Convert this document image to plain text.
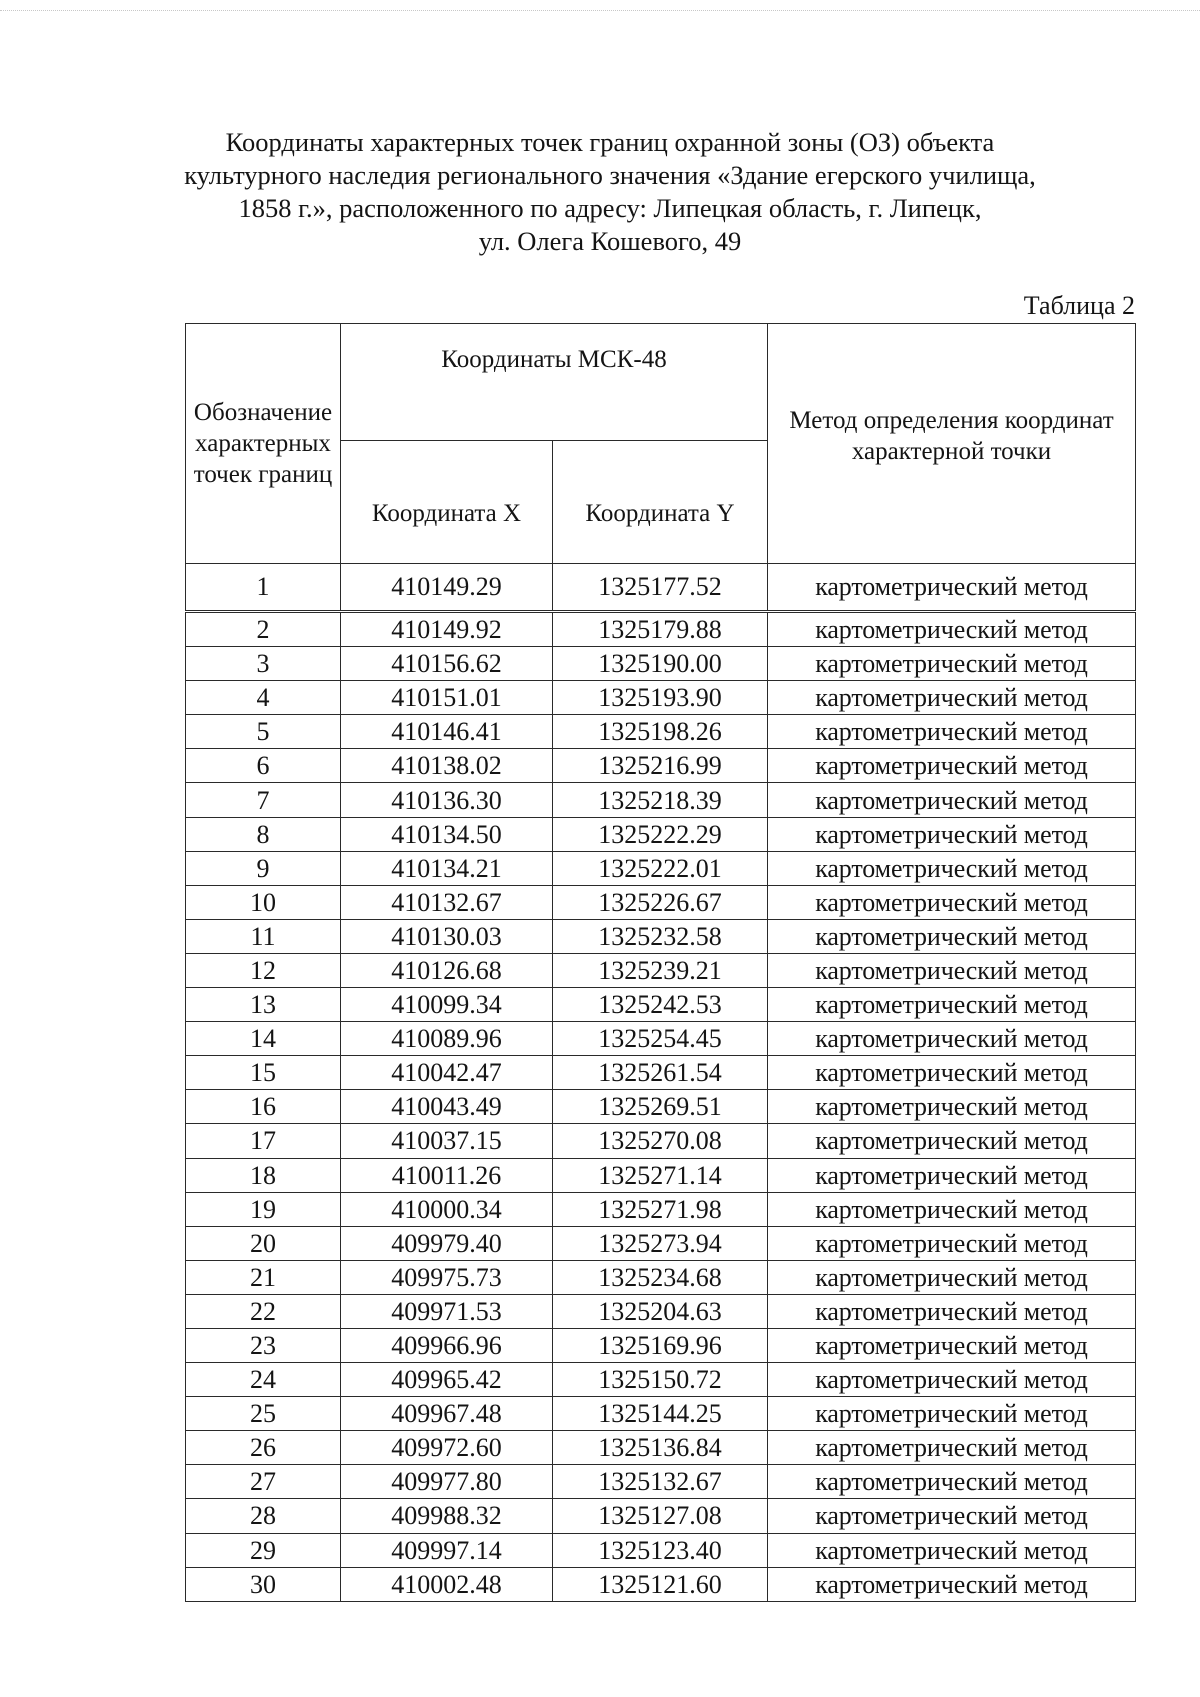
Координаты характерных точек границ охранной зоны (ОЗ) объекта
культурного наследия регионального значения «Здание егерского училища,
1858 г.», расположенного по адресу: Липецкая область, г. Липецк,
ул. Олега Кошевого, 49
Таблица 2
Обозначение характерных точек границ	Координаты МСК-48		Метод определения координат характерной точки
	Координата X	Координата Y	
1	410149.29	1325177.52	картометрический метод
2	410149.92	1325179.88	картометрический метод
3	410156.62	1325190.00	картометрический метод
4	410151.01	1325193.90	картометрический метод
5	410146.41	1325198.26	картометрический метод
6	410138.02	1325216.99	картометрический метод
7	410136.30	1325218.39	картометрический метод
8	410134.50	1325222.29	картометрический метод
9	410134.21	1325222.01	картометрический метод
10	410132.67	1325226.67	картометрический метод
11	410130.03	1325232.58	картометрический метод
12	410126.68	1325239.21	картометрический метод
13	410099.34	1325242.53	картометрический метод
14	410089.96	1325254.45	картометрический метод
15	410042.47	1325261.54	картометрический метод
16	410043.49	1325269.51	картометрический метод
17	410037.15	1325270.08	картометрический метод
18	410011.26	1325271.14	картометрический метод
19	410000.34	1325271.98	картометрический метод
20	409979.40	1325273.94	картометрический метод
21	409975.73	1325234.68	картометрический метод
22	409971.53	1325204.63	картометрический метод
23	409966.96	1325169.96	картометрический метод
24	409965.42	1325150.72	картометрический метод
25	409967.48	1325144.25	картометрический метод
26	409972.60	1325136.84	картометрический метод
27	409977.80	1325132.67	картометрический метод
28	409988.32	1325127.08	картометрический метод
29	409997.14	1325123.40	картометрический метод
30	410002.48	1325121.60	картометрический метод
